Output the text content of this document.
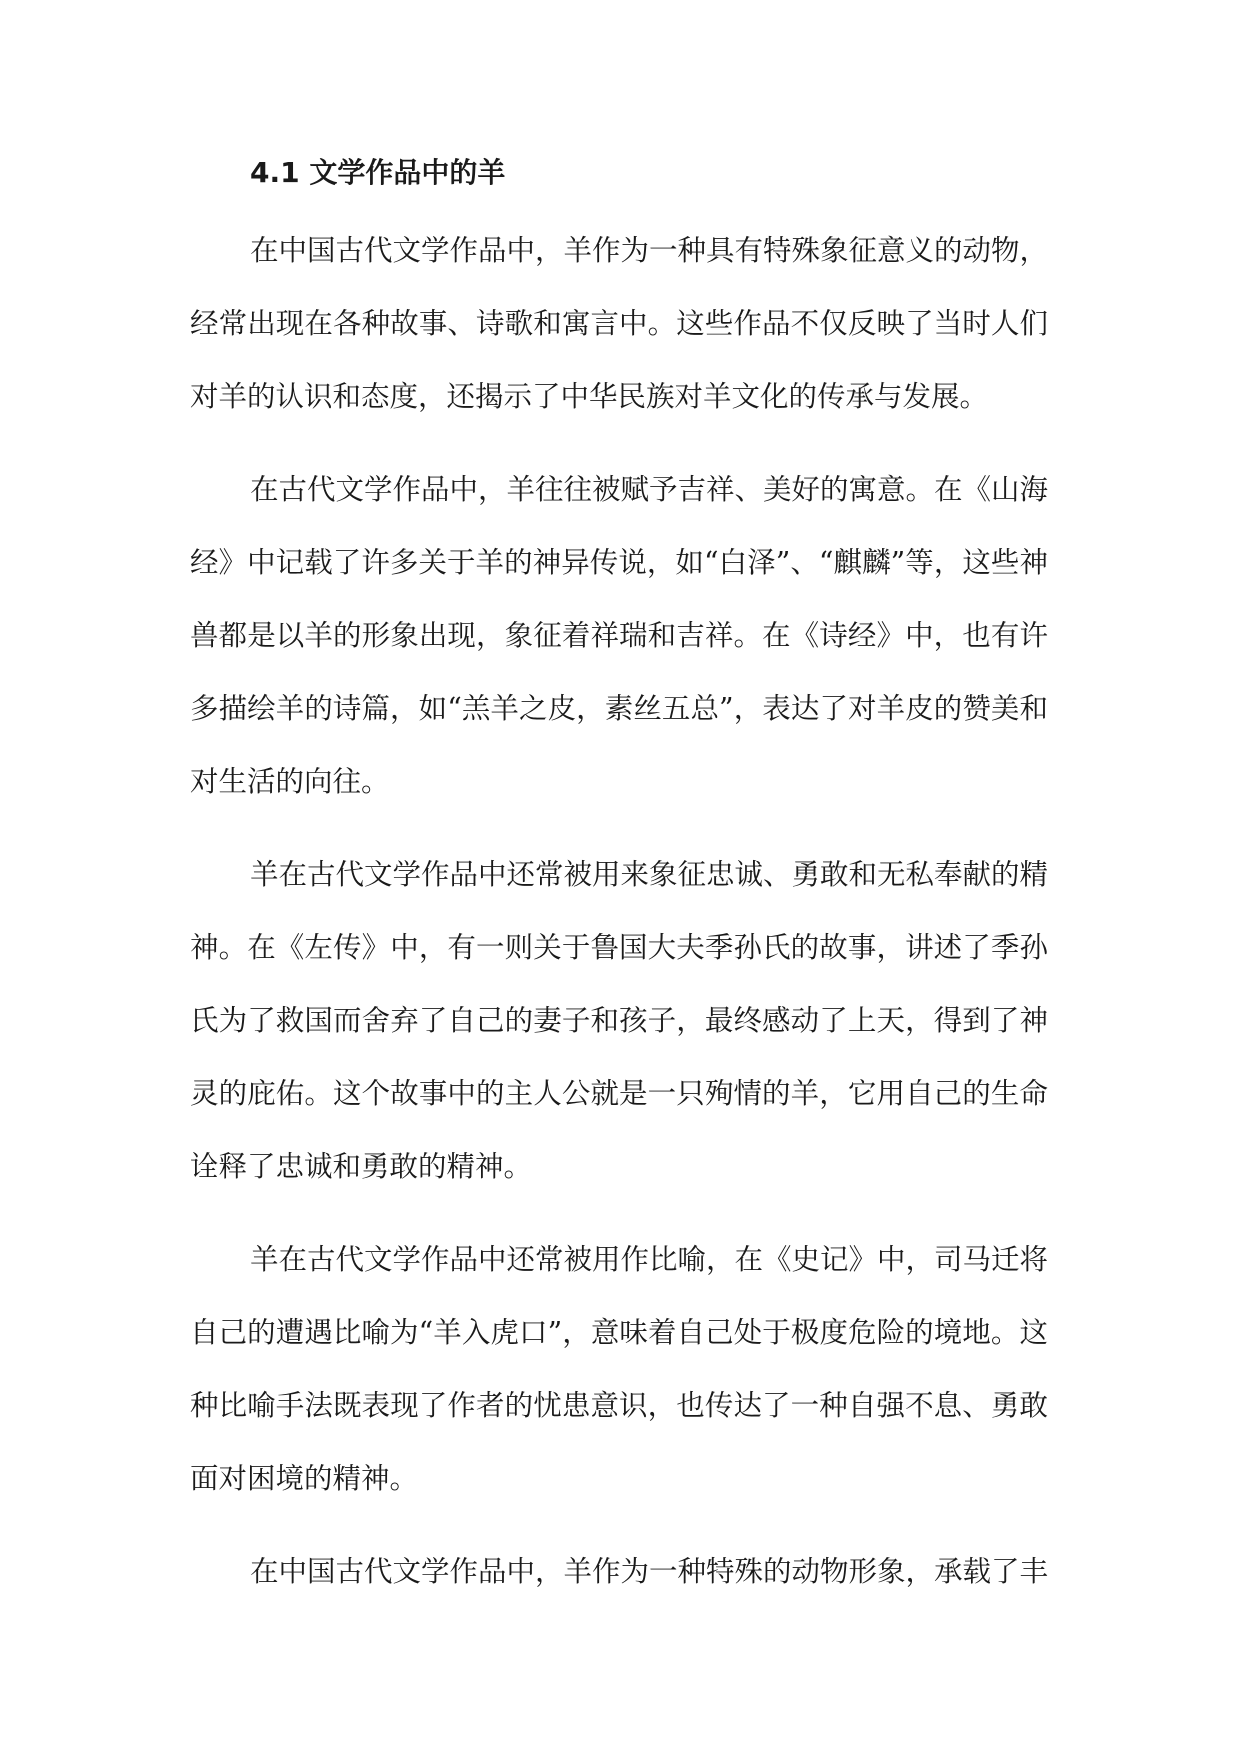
4.1 文学作品中的羊

在中国古代文学作品中，羊作为一种具有特殊象征意义的动物，经常出现在各种故事、诗歌和寓言中。这些作品不仅反映了当时人们对羊的认识和态度，还揭示了中华民族对羊文化的传承与发展。

在古代文学作品中，羊往往被赋予吉祥、美好的寓意。在《山海经》中记载了许多关于羊的神异传说，如“白泽”、“麒麟”等，这些神兽都是以羊的形象出现，象征着祥瑞和吉祥。在《诗经》中，也有许多描绘羊的诗篇，如“羔羊之皮，素丝五总”，表达了对羊皮的赞美和对生活的向往。

羊在古代文学作品中还常被用来象征忠诚、勇敢和无私奉献的精神。在《左传》中，有一则关于鲁国大夫季孙氏的故事，讲述了季孙氏为了救国而舍弃了自己的妻子和孩子，最终感动了上天，得到了神灵的庇佑。这个故事中的主人公就是一只殉情的羊，它用自己的生命诠释了忠诚和勇敢的精神。

羊在古代文学作品中还常被用作比喻，在《史记》中，司马迁将自己的遭遇比喻为“羊入虎口”，意味着自己处于极度危险的境地。这种比喻手法既表现了作者的忧患意识，也传达了一种自强不息、勇敢面对困境的精神。

在中国古代文学作品中，羊作为一种特殊的动物形象，承载了丰
